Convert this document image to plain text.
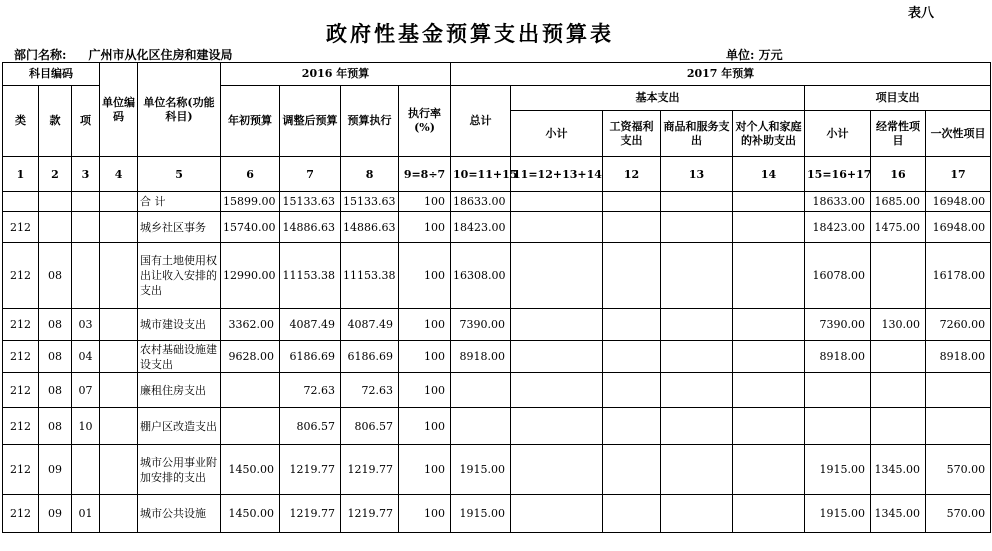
表八
政府性基金预算支出预算表
部门名称: 广州市从化区住房和建设局	单位: 万元
科目编码			单位编码	单位名称(功能科目)	2016 年预算				2017 年预算							
类	款	项			年初预算	调整后预算	预算执行	执行率(%)	总计	基本支出				项目支出		
										小计	工资福利支出	商品和服务支出	对个人和家庭的补助支出	小计	经常性项目	一次性项目
1	2	3	4	5	6	7	8	9=8÷7	10=11+15	11=12+13+14	12	13	14	15=16+17	16	17
				合 计	15899.00	15133.63	15133.63	100	18633.00					18633.00	1685.00	16948.00
212				城乡社区事务	15740.00	14886.63	14886.63	100	18423.00					18423.00	1475.00	16948.00
212	08			国有土地使用权出让收入安排的支出	12990.00	11153.38	11153.38	100	16308.00					16078.00		16178.00
212	08	03		城市建设支出	3362.00	4087.49	4087.49	100	7390.00					7390.00	130.00	7260.00
212	08	04		农村基础设施建设支出	9628.00	6186.69	6186.69	100	8918.00					8918.00		8918.00
212	08	07		廉租住房支出		72.63	72.63	100								
212	08	10		棚户区改造支出		806.57	806.57	100								
212	09			城市公用事业附加安排的支出	1450.00	1219.77	1219.77	100	1915.00					1915.00	1345.00	570.00
212	09	01		城市公共设施	1450.00	1219.77	1219.77	100	1915.00					1915.00	1345.00	570.00
